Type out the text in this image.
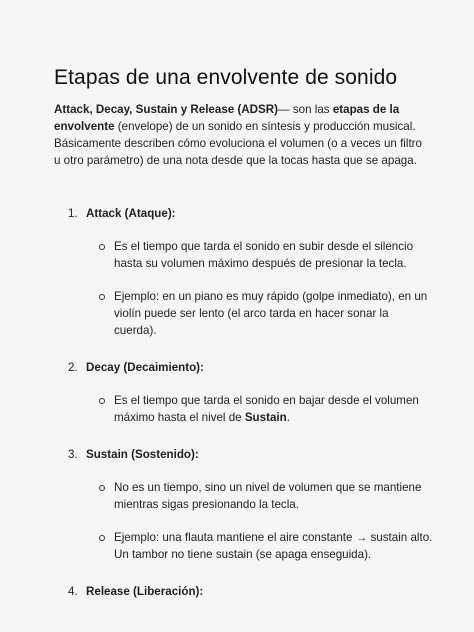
Etapas de una envolvente de sonido

Attack, Decay, Sustain y Release (ADSR)— son las etapas de la envolvente (envelope) de un sonido en síntesis y producción musical. Básicamente describen cómo evoluciona el volumen (o a veces un filtro u otro parámetro) de una nota desde que la tocas hasta que se apaga.

1. Attack (Ataque):
Es el tiempo que tarda el sonido en subir desde el silencio hasta su volumen máximo después de presionar la tecla.
Ejemplo: en un piano es muy rápido (golpe inmediato), en un violín puede ser lento (el arco tarda en hacer sonar la cuerda).
2. Decay (Decaimiento):
Es el tiempo que tarda el sonido en bajar desde el volumen máximo hasta el nivel de Sustain.
3. Sustain (Sostenido):
No es un tiempo, sino un nivel de volumen que se mantiene mientras sigas presionando la tecla.
Ejemplo: una flauta mantiene el aire constante → sustain alto. Un tambor no tiene sustain (se apaga enseguida).
4. Release (Liberación):
